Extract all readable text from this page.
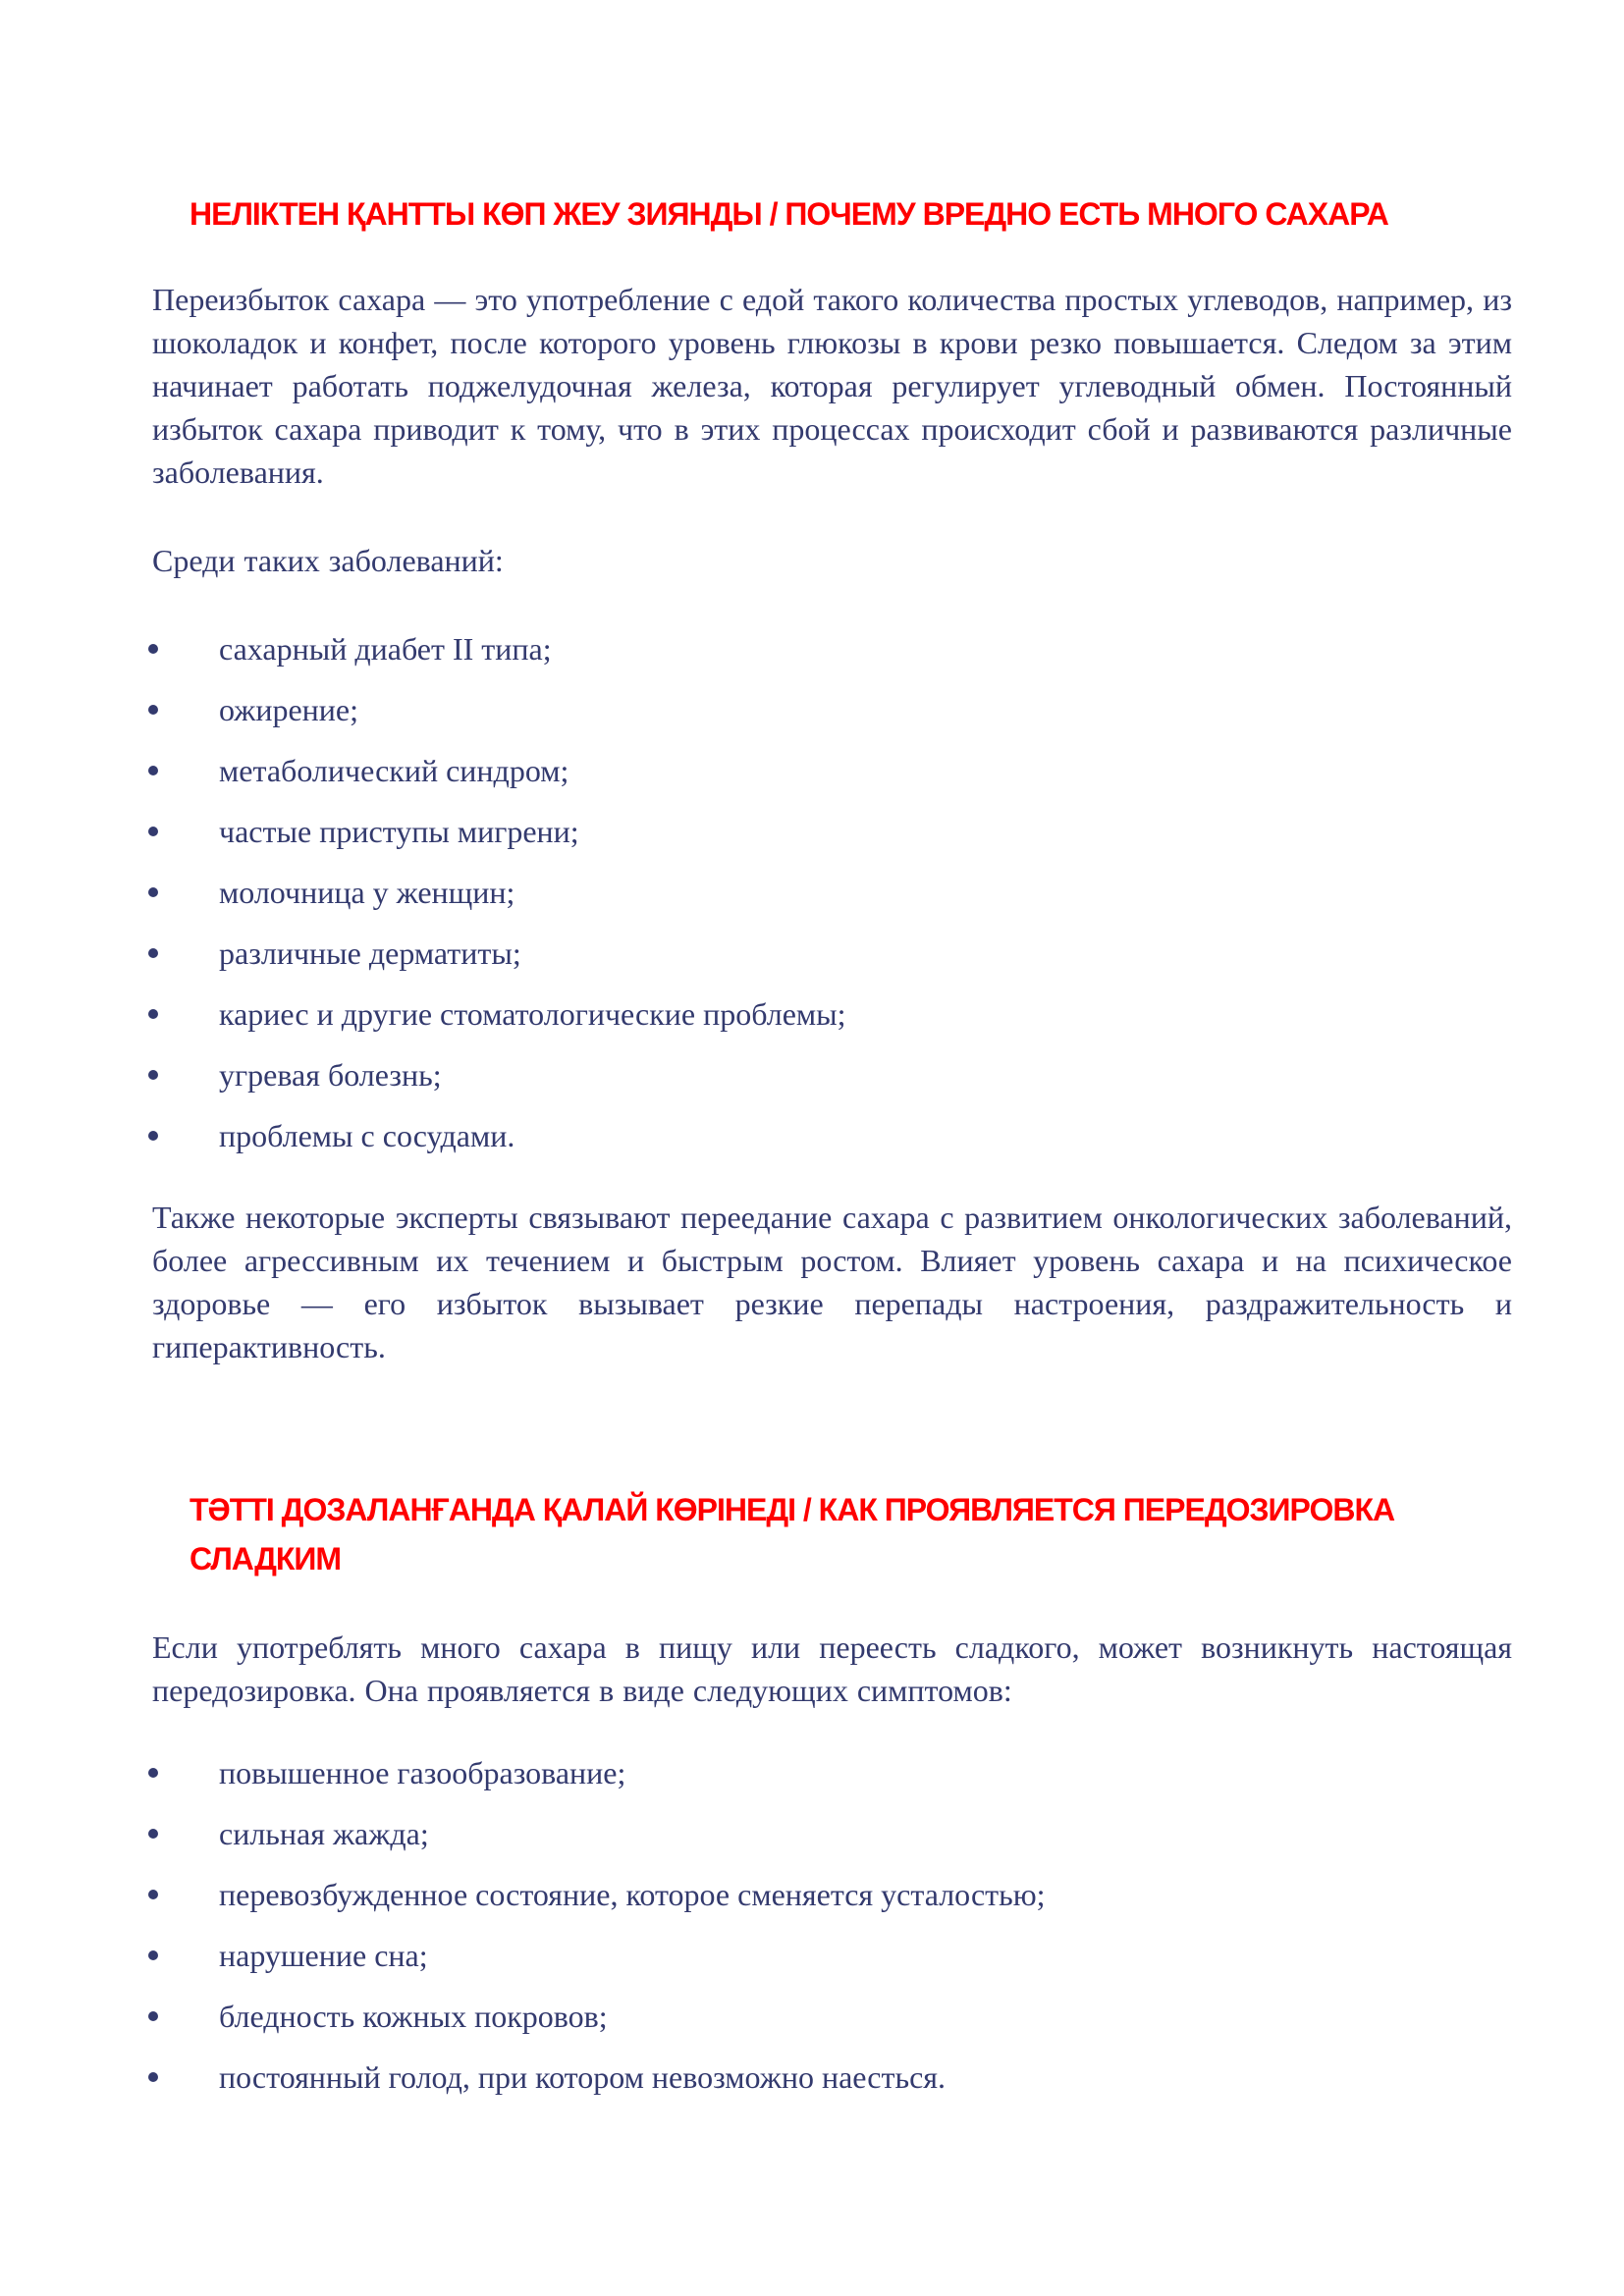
НЕЛІКТЕН ҚАНТТЫ КӨП ЖЕУ ЗИЯНДЫ / ПОЧЕМУ ВРЕДНО ЕСТЬ МНОГО САХАРА

Переизбыток сахара — это употребление с едой такого количества простых углеводов, например, из шоколадок и конфет, после которого уровень глюкозы в крови резко повышается. Следом за этим начинает работать поджелудочная железа, которая регулирует углеводный обмен. Постоянный избыток сахара приводит к тому, что в этих процессах происходит сбой и развиваются различные заболевания.

Среди таких заболеваний:

сахарный диабет II типа;
ожирение;
метаболический синдром;
частые приступы мигрени;
молочница у женщин;
различные дерматиты;
кариес и другие стоматологические проблемы;
угревая болезнь;
проблемы с сосудами.

Также некоторые эксперты связывают переедание сахара с развитием онкологических заболеваний, более агрессивным их течением и быстрым ростом. Влияет уровень сахара и на психическое здоровье — его избыток вызывает резкие перепады настроения, раздражительность и гиперактивность.

ТӘТТІ ДОЗАЛАНҒАНДА ҚАЛАЙ КӨРІНЕДІ / КАК ПРОЯВЛЯЕТСЯ ПЕРЕДОЗИРОВКА СЛАДКИМ

Если употреблять много сахара в пищу или переесть сладкого, может возникнуть настоящая передозировка. Она проявляется в виде следующих симптомов:

повышенное газообразование;
сильная жажда;
перевозбужденное состояние, которое сменяется усталостью;
нарушение сна;
бледность кожных покровов;
постоянный голод, при котором невозможно наесться.
